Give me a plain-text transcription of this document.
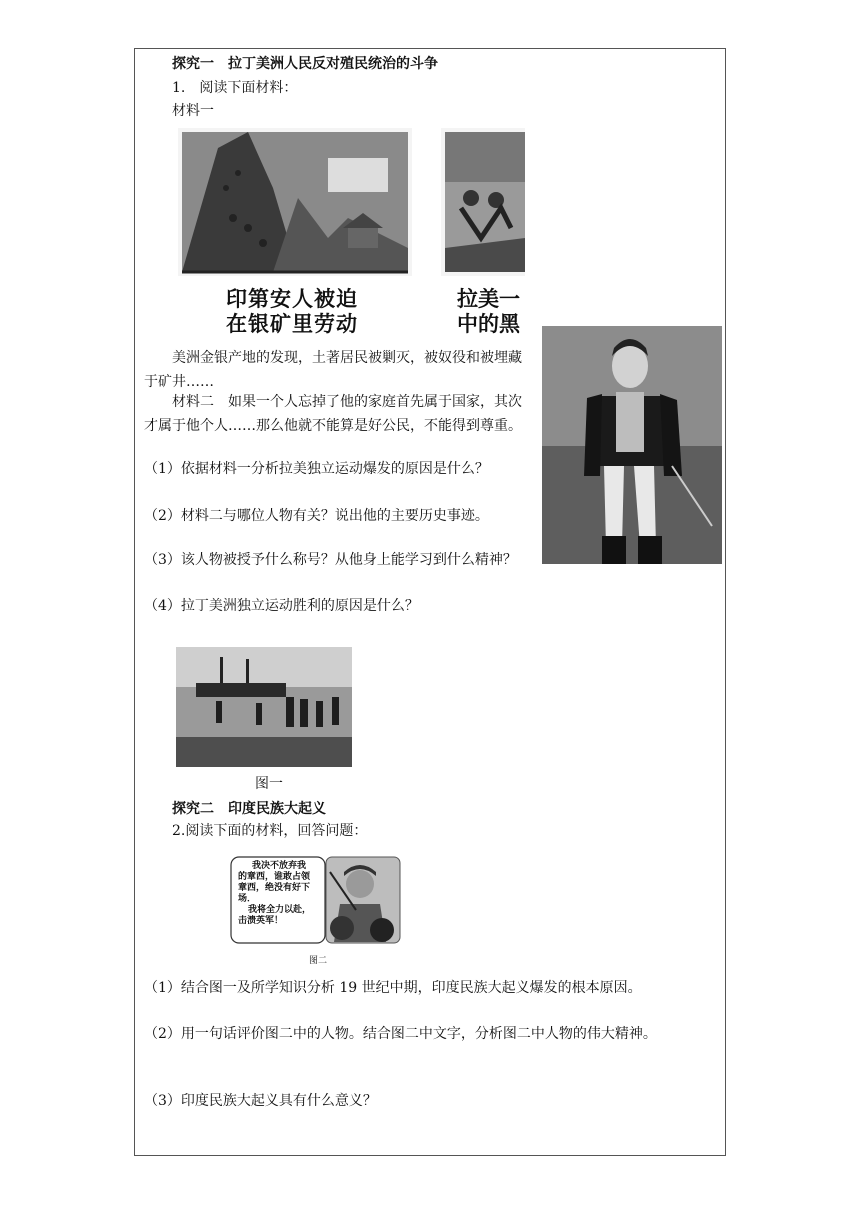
探究一　拉丁美洲人民反对殖民统治的斗争
1.　阅读下面材料：
材料一
印第安人被迫
在银矿里劳动
拉美一
中的黑
美洲金银产地的发现，土著居民被剿灭，被奴役和被埋藏于矿井……
材料二　如果一个人忘掉了他的家庭首先属于国家，其次才属于他个人……那么他就不能算是好公民，不能得到尊重。
（1）依据材料一分析拉美独立运动爆发的原因是什么？
（2）材料二与哪位人物有关？说出他的主要历史事迹。
（3）该人物被授予什么称号？从他身上能学习到什么精神？
（4）拉丁美洲独立运动胜利的原因是什么？
图一
探究二　印度民族大起义
2.阅读下面的材料，回答问题：
我决不放弃我
的章西，谁敢占领
章西，绝没有好下
场．
我将全力以赴，
击溃英军！
图二
（1）结合图一及所学知识分析 19 世纪中期，印度民族大起义爆发的根本原因。
（2）用一句话评价图二中的人物。结合图二中文字，分析图二中人物的伟大精神。
（3）印度民族大起义具有什么意义？
